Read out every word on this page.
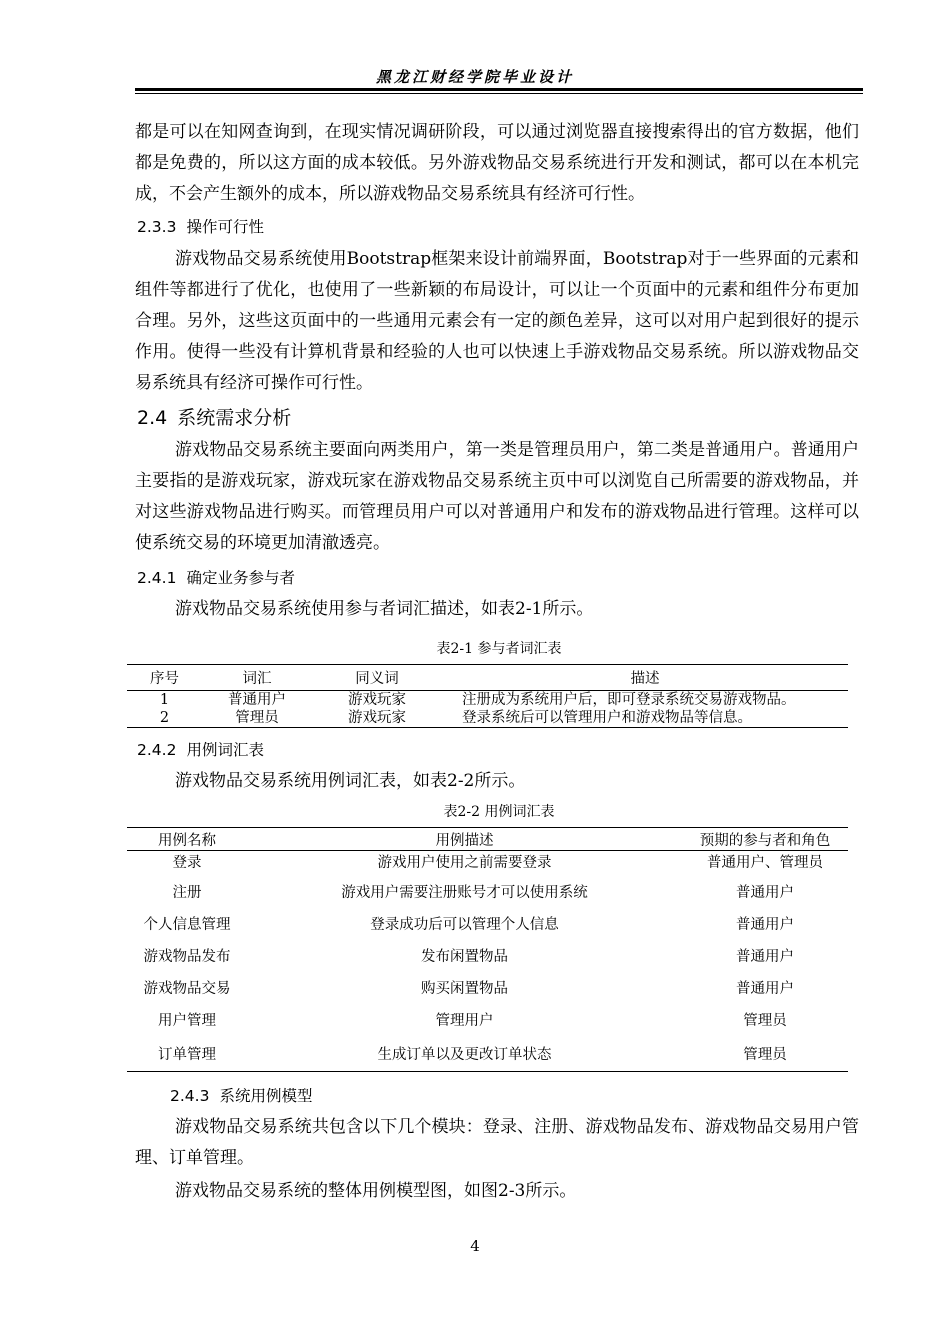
黑龙江财经学院毕业设计

都是可以在知网查询到，在现实情况调研阶段，可以通过浏览器直接搜索得出的官方数据，他们都是免费的，所以这方面的成本较低。另外游戏物品交易系统进行开发和测试，都可以在本机完成，不会产生额外的成本，所以游戏物品交易系统具有经济可行性。

2.3.3 操作可行性

游戏物品交易系统使用Bootstrap框架来设计前端界面，Bootstrap对于一些界面的元素和组件等都进行了优化，也使用了一些新颖的布局设计，可以让一个页面中的元素和组件分布更加合理。另外，这些这页面中的一些通用元素会有一定的颜色差异，这可以对用户起到很好的提示作用。使得一些没有计算机背景和经验的人也可以快速上手游戏物品交易系统。所以游戏物品交易系统具有经济可操作可行性。

2.4 系统需求分析

游戏物品交易系统主要面向两类用户，第一类是管理员用户，第二类是普通用户。普通用户主要指的是游戏玩家，游戏玩家在游戏物品交易系统主页中可以浏览自己所需要的游戏物品，并对这些游戏物品进行购买。而管理员用户可以对普通用户和发布的游戏物品进行管理。这样可以使系统交易的环境更加清澈透亮。

2.4.1 确定业务参与者

游戏物品交易系统使用参与者词汇描述，如表2-1所示。

表2-1 参与者词汇表
序号	词汇	同义词	描述
1	普通用户	游戏玩家	注册成为系统用户后，即可登录系统交易游戏物品。
2	管理员	游戏玩家	登录系统后可以管理用户和游戏物品等信息。
2.4.2 用例词汇表

游戏物品交易系统用例词汇表，如表2-2所示。

表2-2 用例词汇表
用例名称	用例描述	预期的参与者和角色
登录	游戏用户使用之前需要登录	普通用户、管理员
注册	游戏用户需要注册账号才可以使用系统	普通用户
个人信息管理	登录成功后可以管理个人信息	普通用户
游戏物品发布	发布闲置物品	普通用户
游戏物品交易	购买闲置物品	普通用户
用户管理	管理用户	管理员
订单管理	生成订单以及更改订单状态	管理员
2.4.3 系统用例模型

游戏物品交易系统共包含以下几个模块：登录、注册、游戏物品发布、游戏物品交易用户管理、订单管理。

游戏物品交易系统的整体用例模型图，如图2-3所示。

4
